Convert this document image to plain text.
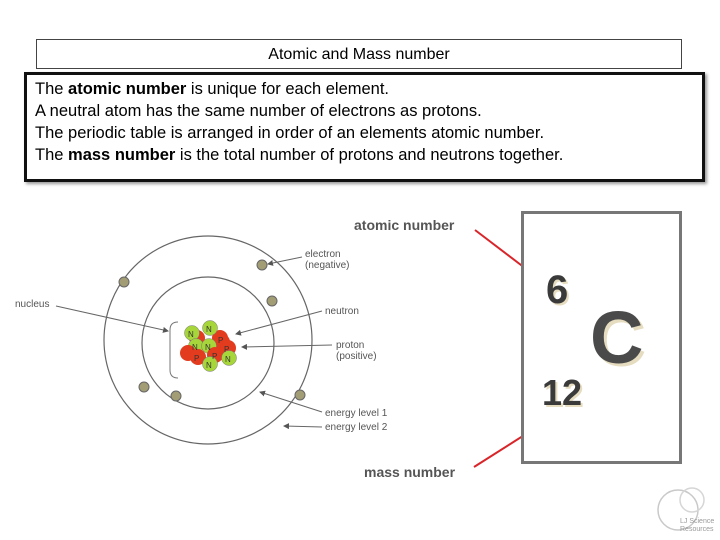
Atomic and Mass number
The atomic number is unique for each element.
A neutral atom has the same number of electrons as protons.
The periodic table is arranged in order of an elements atomic number.
The mass number is the total number of protons and neutrons together.
N
N
P
N N P
P P N
N
electron
(negative)
nucleus
neutron
proton
(positive)
energy level 1
energy level 2
atomic number
mass number
6
C
12
LJ Science
Resources
